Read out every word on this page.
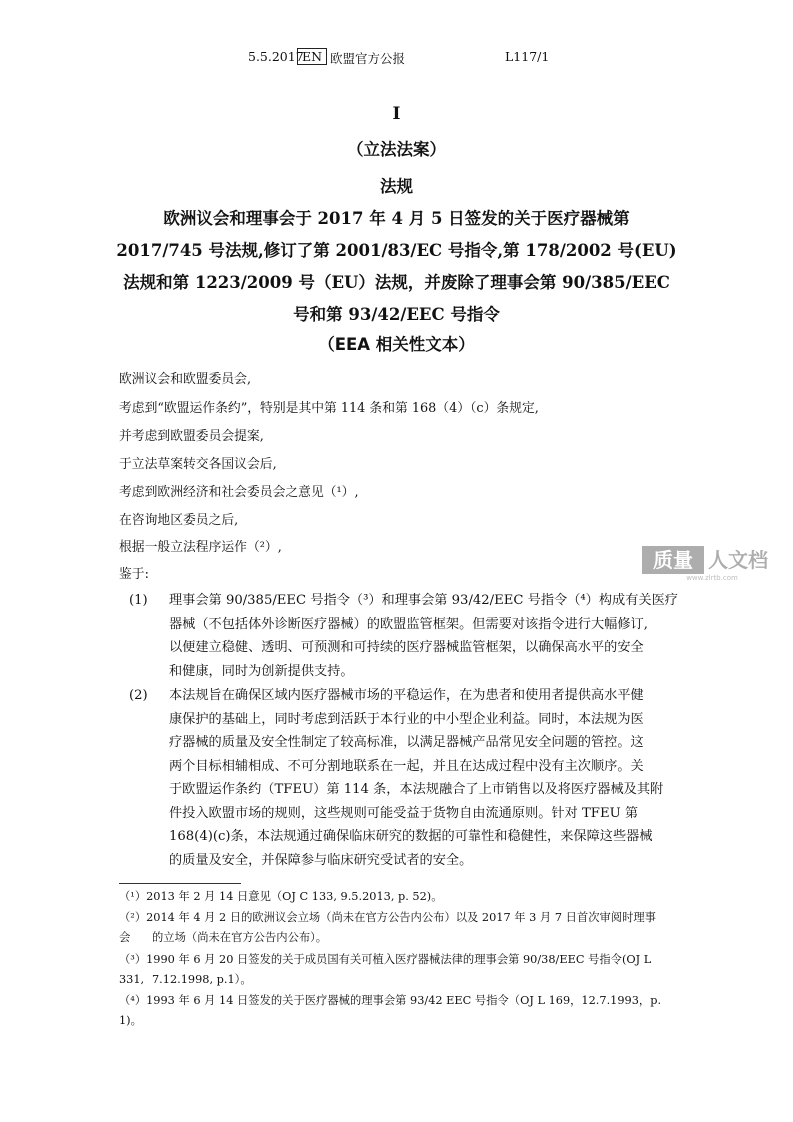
5.5.2017
EN 欧盟官方公报	L117/1
I
（立法法案）
法规
欧洲议会和理事会于 2017 年 4 月 5 日签发的关于医疗器械第
2017/745 号法规,修订了第 2001/83/EC 号指令,第 178/2002 号(EU)
法规和第 1223/2009 号（EU）法规，并废除了理事会第 90/385/EEC
号和第 93/42/EEC 号指令
（EEA 相关性文本）
欧洲议会和欧盟委员会,
考虑到“欧盟运作条约”，特别是其中第 114 条和第 168（4）（c）条规定,
并考虑到欧盟委员会提案,
于立法草案转交各国议会后,
考虑到欧洲经济和社会委员会之意见（¹）,
在咨询地区委员之后,
根据一般立法程序运作（²）,
鉴于:
(1) 理事会第 90/385/EEC 号指令（³）和理事会第 93/42/EEC 号指令（⁴）构成有关医疗
器械（不包括体外诊断医疗器械）的欧盟监管框架。但需要对该指令进行大幅修订,
以便建立稳健、透明、可预测和可持续的医疗器械监管框架，以确保高水平的安全
和健康，同时为创新提供支持。
(2) 本法规旨在确保区域内医疗器械市场的平稳运作，在为患者和使用者提供高水平健
康保护的基础上，同时考虑到活跃于本行业的中小型企业利益。同时，本法规为医
疗器械的质量及安全性制定了较高标准，以满足器械产品常见安全问题的管控。这
两个目标相辅相成、不可分割地联系在一起，并且在达成过程中没有主次顺序。关
于欧盟运作条约（TFEU）第 114 条，本法规融合了上市销售以及将医疗器械及其附
件投入欧盟市场的规则，这些规则可能受益于货物自由流通原则。针对 TFEU 第
168(4)(c)条，本法规通过确保临床研究的数据的可靠性和稳健性，来保障这些器械
的质量及安全，并保障参与临床研究受试者的安全。
质量 人文档
www.zlrtb.com
（¹）2013 年 2 月 14 日意见（OJ C 133, 9.5.2013, p. 52)。
（²）2014 年 4 月 2 日的欧洲议会立场（尚未在官方公告内公布）以及 2017 年 3 月 7 日首次审阅时理事会	的立场（尚未在官方公告内公布）。
（³）1990 年 6 月 20 日签发的关于成员国有关可植入医疗器械法律的理事会第 90/38/EEC 号指令(OJ L 331, 7.12.1998, p.1）。
（⁴）1993 年 6 月 14 日签发的关于医疗器械的理事会第 93/42 EEC 号指令（OJ L 169，12.7.1993，p. 1)。
